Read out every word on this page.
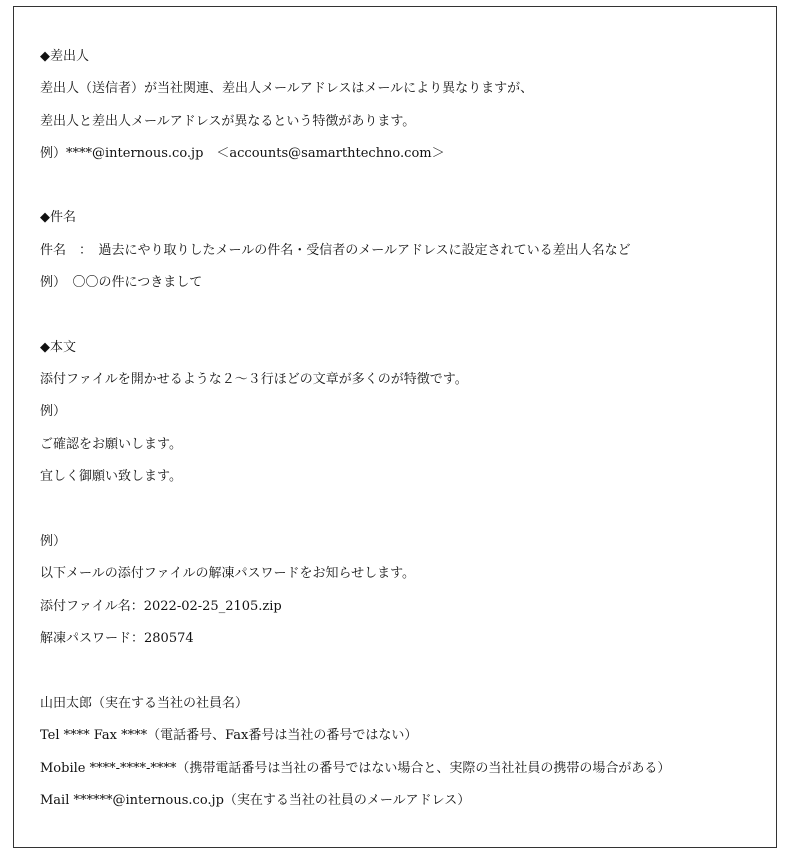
◆差出人
差出人（送信者）が当社関連、差出人メールアドレスはメールにより異なりますが、
差出人と差出人メールアドレスが異なるという特徴があります。
例）****@internous.co.jp　＜accounts@samarthtechno.com＞
◆件名
件名　：　過去にやり取りしたメールの件名・受信者のメールアドレスに設定されている差出人名など
例）　〇〇の件につきまして
◆本文
添付ファイルを開かせるような２～３行ほどの文章が多くのが特徴です。
例）
ご確認をお願いします。
宜しく御願い致します。
例）
以下メールの添付ファイルの解凍パスワードをお知らせします。
添付ファイル名：2022-02-25_2105.zip
解凍パスワード：280574
山田太郎（実在する当社の社員名）
Tel **** Fax ****（電話番号、Fax番号は当社の番号ではない）
Mobile ****-****-****（携帯電話番号は当社の番号ではない場合と、実際の当社社員の携帯の場合がある）
Mail ******@internous.co.jp（実在する当社の社員のメールアドレス）
